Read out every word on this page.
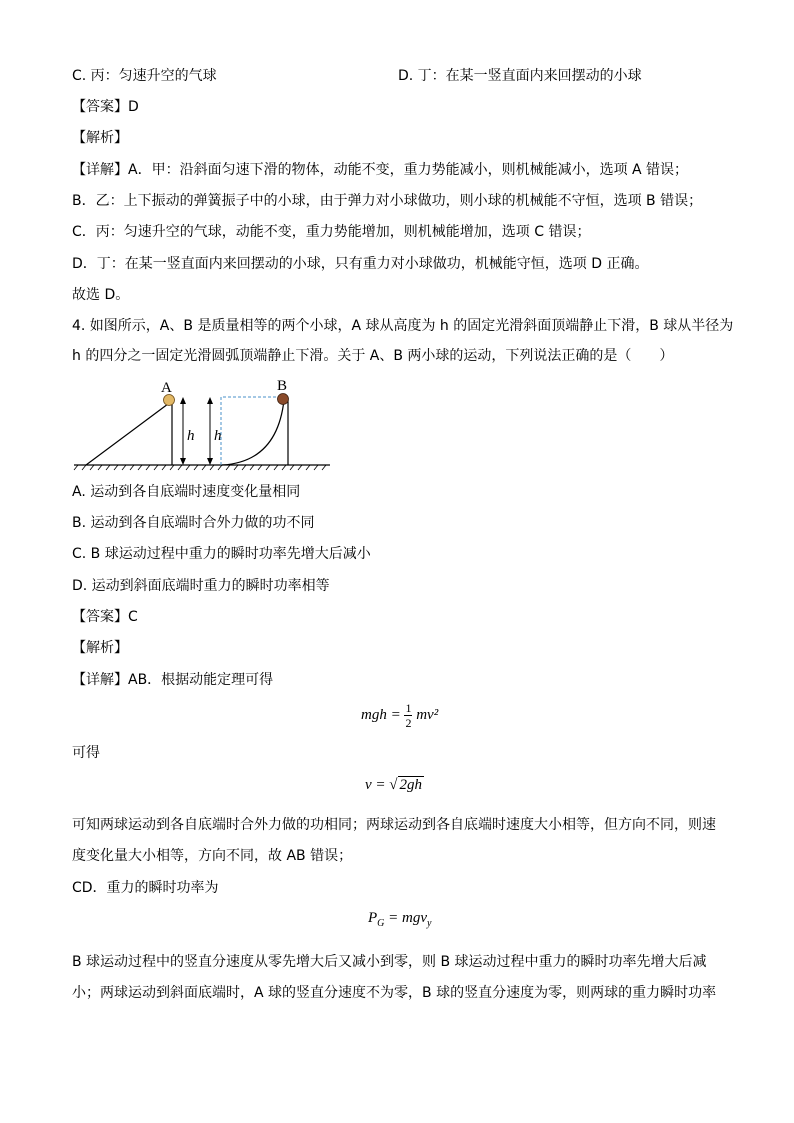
C. 丙：匀速升空的气球	D. 丁：在某一竖直面内来回摆动的小球
【答案】D
【解析】
【详解】A．甲：沿斜面匀速下滑的物体，动能不变，重力势能减小，则机械能减小，选项 A 错误；
B．乙：上下振动的弹簧振子中的小球，由于弹力对小球做功，则小球的机械能不守恒，选项 B 错误；
C．丙：匀速升空的气球，动能不变，重力势能增加，则机械能增加，选项 C 错误；
D．丁：在某一竖直面内来回摆动的小球，只有重力对小球做功，机械能守恒，选项 D 正确。
故选 D。
4. 如图所示，A、B 是质量相等的两个小球，A 球从高度为 h 的固定光滑斜面顶端静止下滑，B 球从半径为
h 的四分之一固定光滑圆弧顶端静止下滑。关于 A、B 两小球的运动，下列说法正确的是（　　）
A
h h
B
A. 运动到各自底端时速度变化量相同
B. 运动到各自底端时合外力做的功不同
C. B 球运动过程中重力的瞬时功率先增大后减小
D. 运动到斜面底端时重力的瞬时功率相等
【答案】C
【解析】
【详解】AB．根据动能定理可得
mgh = $\frac{1}{2} mv^2$
可得
v = √ 2gh
可知两球运动到各自底端时合外力做的功相同；两球运动到各自底端时速度大小相等，但方向不同，则速
度变化量大小相等，方向不同，故 AB 错误；
CD．重力的瞬时功率为
$P_G = mgv_y$
B 球运动过程中的竖直分速度从零先增大后又减小到零，则 B 球运动过程中重力的瞬时功率先增大后减
小；两球运动到斜面底端时，A 球的竖直分速度不为零，B 球的竖直分速度为零，则两球的重力瞬时功率
